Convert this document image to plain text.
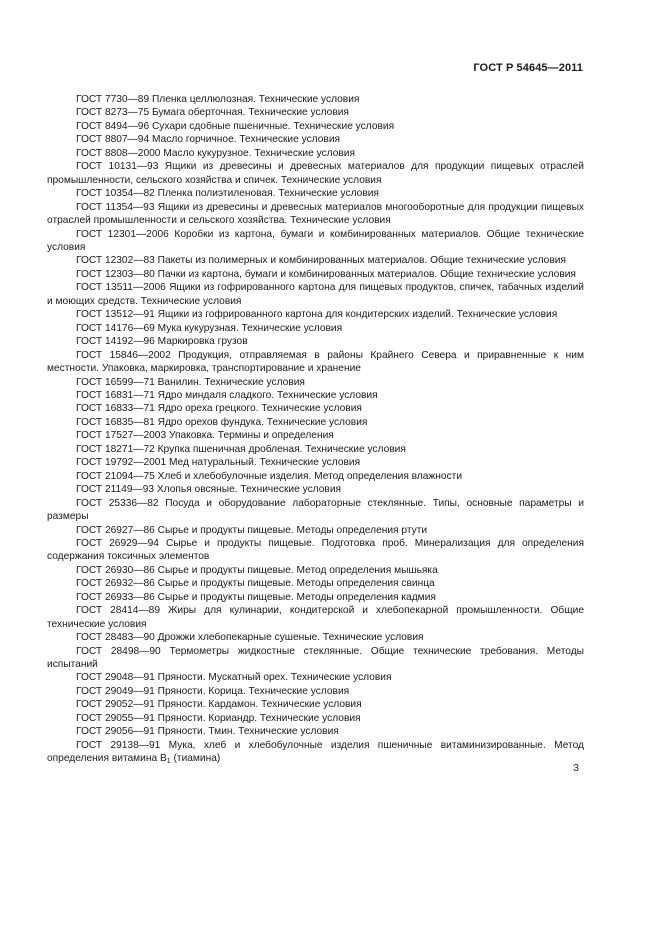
ГОСТ Р 54645—2011
ГОСТ 7730—89 Пленка целлюлозная. Технические условия
ГОСТ 8273—75 Бумага оберточная. Технические условия
ГОСТ 8494—96 Сухари сдобные пшеничные. Технические условия
ГОСТ 8807—94 Масло горчичное. Технические условия
ГОСТ 8808—2000 Масло кукурузное. Технические условия
ГОСТ 10131—93 Ящики из древесины и древесных материалов для продукции пищевых отраслей промышленности, сельского хозяйства и спичек. Технические условия
ГОСТ 10354—82 Пленка полиэтиленовая. Технические условия
ГОСТ 11354—93 Ящики из древесины и древесных материалов многооборотные для продукции пищевых отраслей промышленности и сельского хозяйства. Технические условия
ГОСТ 12301—2006 Коробки из картона, бумаги и комбинированных материалов. Общие технические условия
ГОСТ 12302—83 Пакеты из полимерных и комбинированных материалов. Общие технические условия
ГОСТ 12303—80 Пачки из картона, бумаги и комбинированных материалов. Общие технические условия
ГОСТ 13511—2006 Ящики из гофрированного картона для пищевых продуктов, спичек, табачных изделий и моющих средств. Технические условия
ГОСТ 13512—91 Ящики из гофрированного картона для кондитерских изделий. Технические условия
ГОСТ 14176—69 Мука кукурузная. Технические условия
ГОСТ 14192—96 Маркировка грузов
ГОСТ 15846—2002 Продукция, отправляемая в районы Крайнего Севера и приравненные к ним местности. Упаковка, маркировка, транспортирование и хранение
ГОСТ 16599—71 Ванилин. Технические условия
ГОСТ 16831—71 Ядро миндаля сладкого. Технические условия
ГОСТ 16833—71 Ядро ореха грецкого. Технические условия
ГОСТ 16835—81 Ядро орехов фундука. Технические условия
ГОСТ 17527—2003 Упаковка. Термины и определения
ГОСТ 18271—72 Крупка пшеничная дробленая. Технические условия
ГОСТ 19792—2001 Мед натуральный. Технические условия
ГОСТ 21094—75 Хлеб и хлебобулочные изделия. Метод определения влажности
ГОСТ 21149—93 Хлопья овсяные. Технические условия
ГОСТ 25336—82 Посуда и оборудование лабораторные стеклянные. Типы, основные параметры и размеры
ГОСТ 26927—86 Сырье и продукты пищевые. Методы определения ртути
ГОСТ 26929—94 Сырье и продукты пищевые. Подготовка проб. Минерализация для определения содержания токсичных элементов
ГОСТ 26930—86 Сырье и продукты пищевые. Метод определения мышьяка
ГОСТ 26932—86 Сырье и продукты пищевые. Методы определения свинца
ГОСТ 26933—86 Сырье и продукты пищевые. Методы определения кадмия
ГОСТ 28414—89 Жиры для кулинарии, кондитерской и хлебопекарной промышленности. Общие технические условия
ГОСТ 28483—90 Дрожжи хлебопекарные сушеные. Технические условия
ГОСТ 28498—90 Термометры жидкостные стеклянные. Общие технические требования. Методы испытаний
ГОСТ 29048—91 Пряности. Мускатный орех. Технические условия
ГОСТ 29049—91 Пряности. Корица. Технические условия
ГОСТ 29052—91 Пряности. Кардамон. Технические условия
ГОСТ 29055—91 Пряности. Кориандр. Технические условия
ГОСТ 29056—91 Пряности. Тмин. Технические условия
ГОСТ 29138—91 Мука, хлеб и хлебобулочные изделия пшеничные витаминизированные. Метод определения витамина $B_1$ (тиамина)
3
